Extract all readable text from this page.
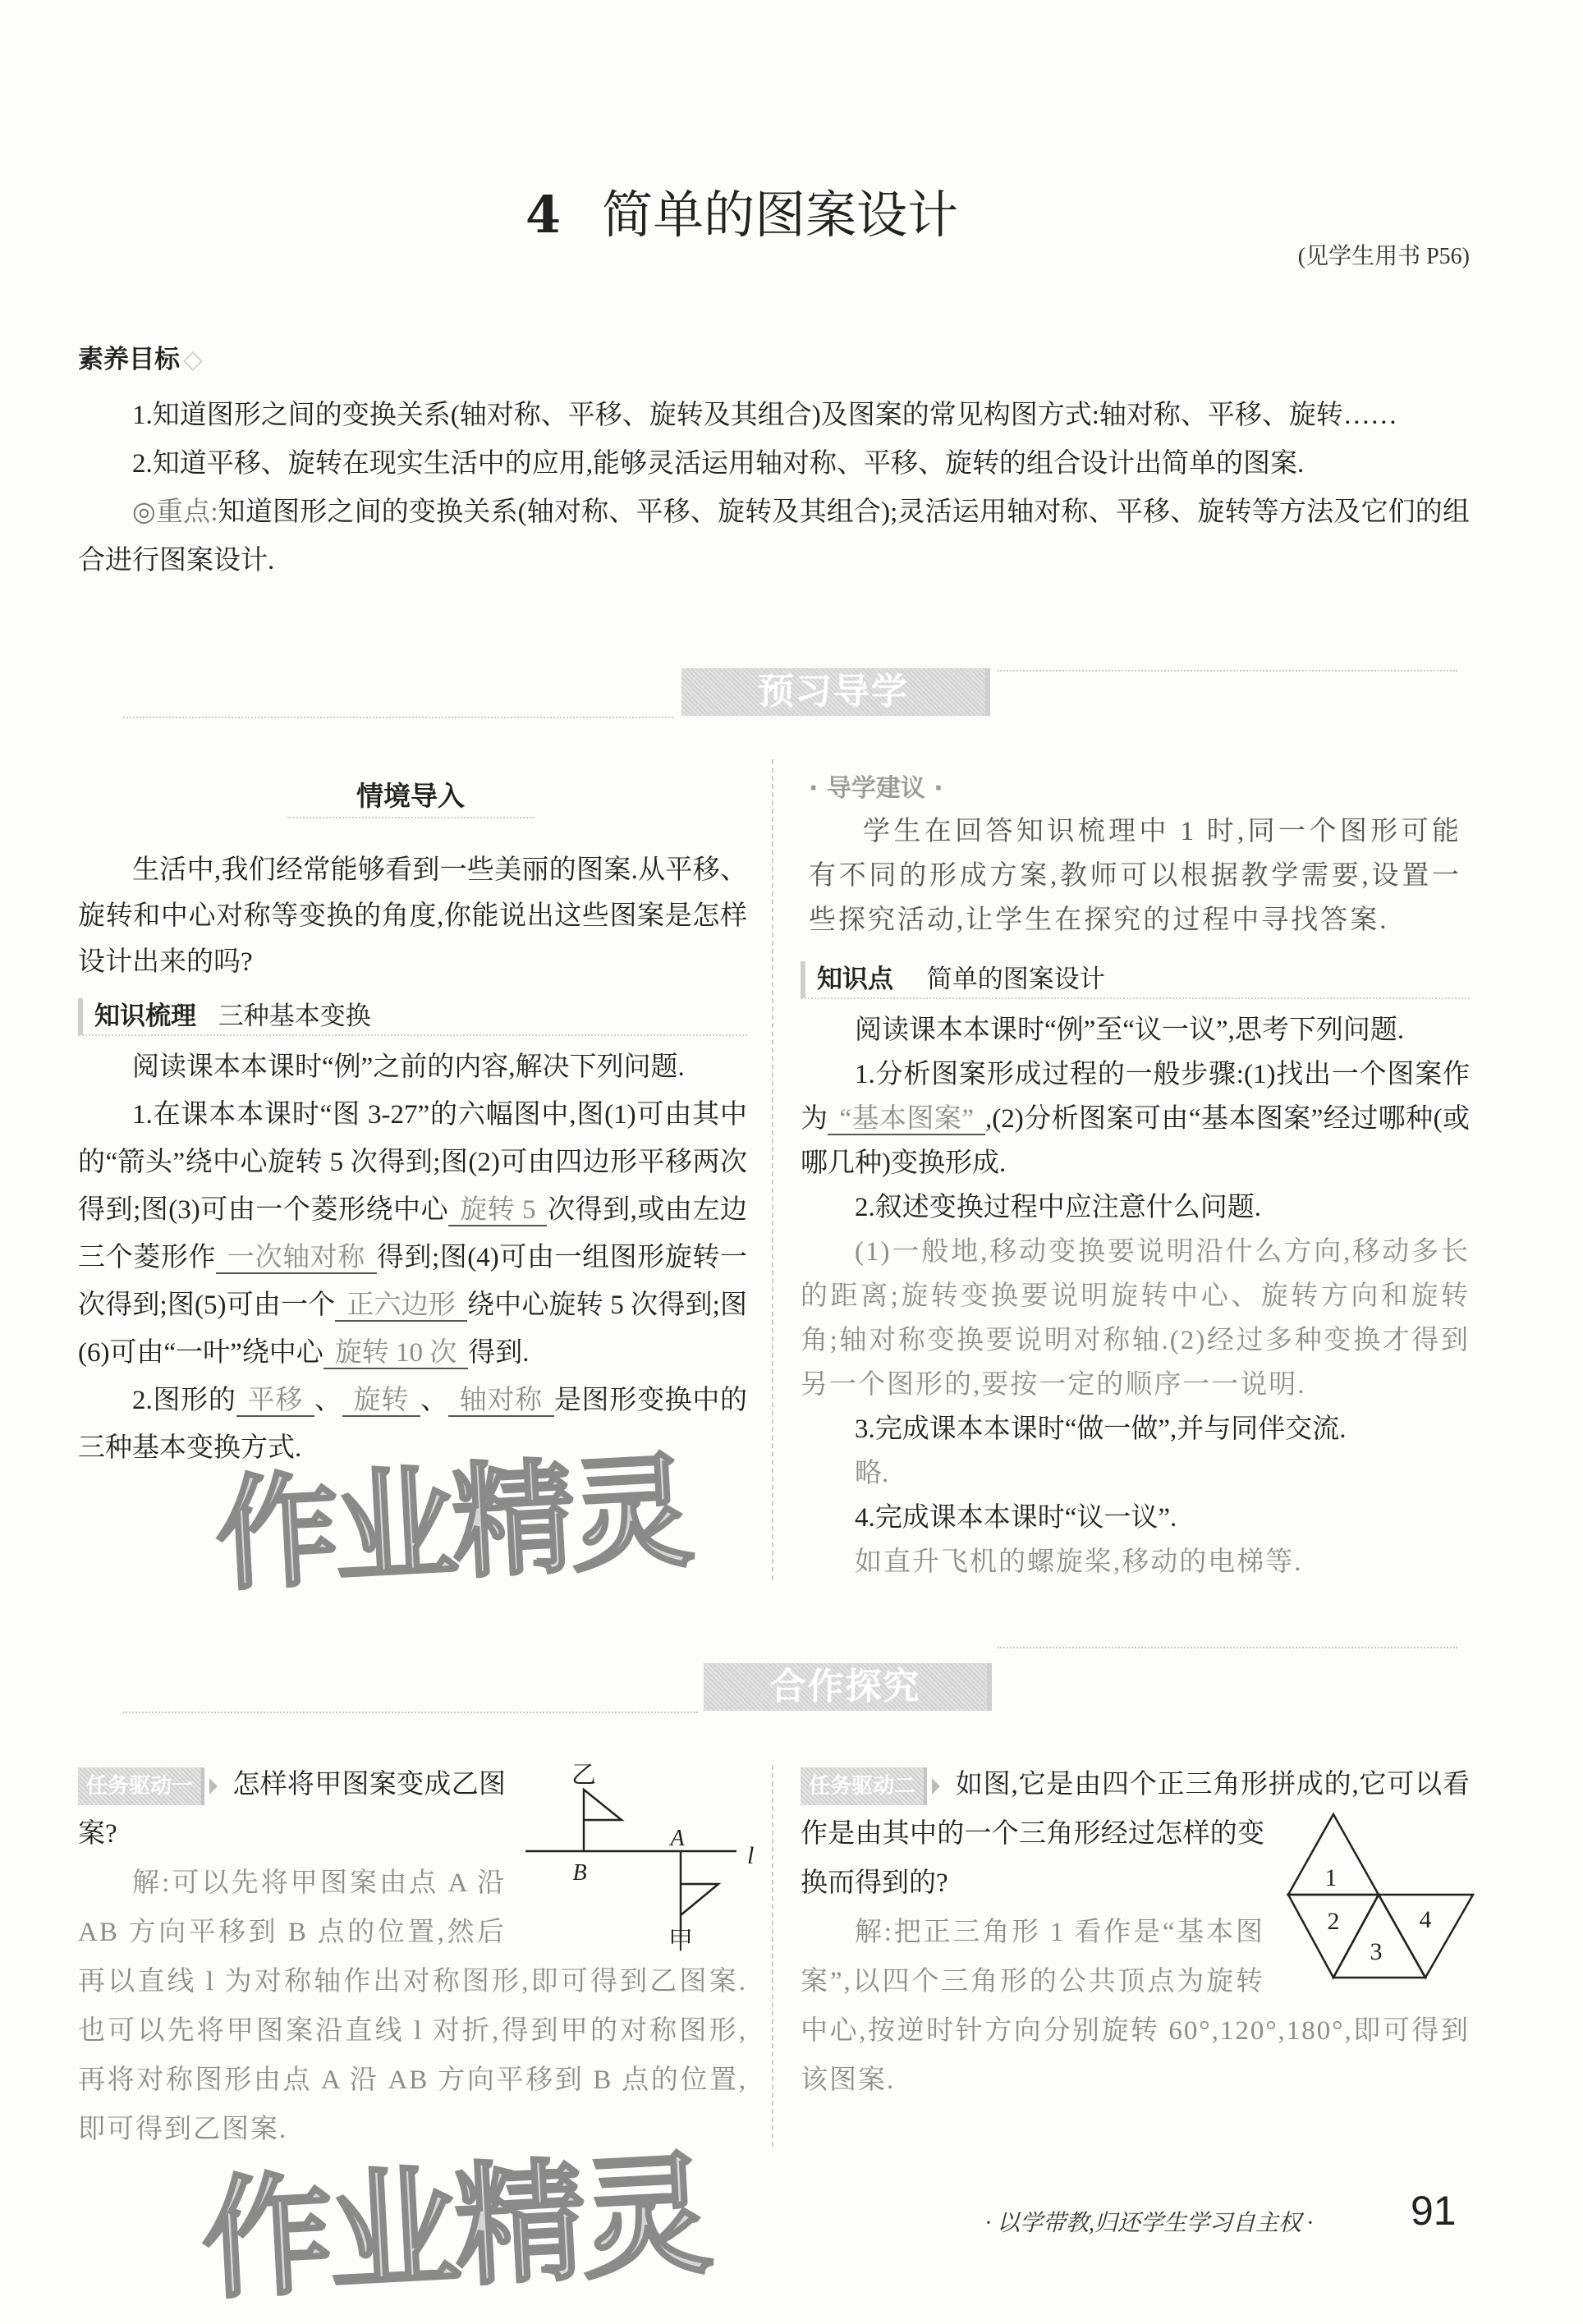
4 简单的图案设计
(见学生用书 P56)
素养目标 ◇
1.知道图形之间的变换关系(轴对称、平移、旋转及其组合)及图案的常见构图方式:轴对称、平移、旋转……
2.知道平移、旋转在现实生活中的应用,能够灵活运用轴对称、平移、旋转的组合设计出简单的图案.
◎重点:知道图形之间的变换关系(轴对称、平移、旋转及其组合);灵活运用轴对称、平移、旋转等方法及它们的组合进行图案设计.
预习导学
情境导入
生活中,我们经常能够看到一些美丽的图案.从平移、旋转和中心对称等变换的角度,你能说出这些图案是怎样设计出来的吗?
知识梳理 三种基本变换
阅读课本本课时“例”之前的内容,解决下列问题.
1.在课本本课时“图 3-27”的六幅图中,图(1)可由其中的“箭头”绕中心旋转 5 次得到;图(2)可由四边形平移两次得到;图(3)可由一个菱形绕中心 旋转 5 次得到,或由左边三个菱形作 一次轴对称 得到;图(4)可由一组图形旋转一次得到;图(5)可由一个 正六边形 绕中心旋转 5 次得到;图(6)可由“一叶”绕中心 旋转 10 次 得到.
2.图形的 平移 、 旋转 、 轴对称 是图形变换中的三种基本变换方式.
· 导学建议 ·
学生在回答知识梳理中 1 时,同一个图形可能有不同的形成方案,教师可以根据教学需要,设置一些探究活动,让学生在探究的过程中寻找答案.
知识点 简单的图案设计
阅读课本本课时“例”至“议一议”,思考下列问题.
1.分析图案形成过程的一般步骤:(1)找出一个图案作为 “基本图案” ,(2)分析图案可由“基本图案”经过哪种(或哪几种)变换形成.
2.叙述变换过程中应注意什么问题.
(1)一般地,移动变换要说明沿什么方向,移动多长的距离;旋转变换要说明旋转中心、旋转方向和旋转角;轴对称变换要说明对称轴.(2)经过多种变换才得到另一个图形的,要按一定的顺序一一说明.
3.完成课本本课时“做一做”,并与同伴交流.
略.
4.完成课本本课时“议一议”.
如直升飞机的螺旋桨,移动的电梯等.
作业精灵
合作探究
任务驱动一 怎样将甲图案变成乙图案?
解:可以先将甲图案由点 A 沿 AB 方向平移到 B 点的位置,然后再以直线 l 为对称轴作出对称图形,即可得到乙图案.也可以先将甲图案沿直线 l 对折,得到甲的对称图形,再将对称图形由点 A 沿 AB 方向平移到 B 点的位置,即可得到乙图案.
乙
B
A
l
甲
任务驱动二 如图,它是由四个正三角形拼成的,它可以看作是由其中的一个三角形经过怎样的变换而得到的?
解:把正三角形 1 看作是“基本图案”,以四个三角形的公共顶点为旋转中心,按逆时针方向分别旋转 60°,120°,180°,即可得到该图案.
1
2
3
4
作业精灵	· 以学带教,归还学生学习自主权 · 91
